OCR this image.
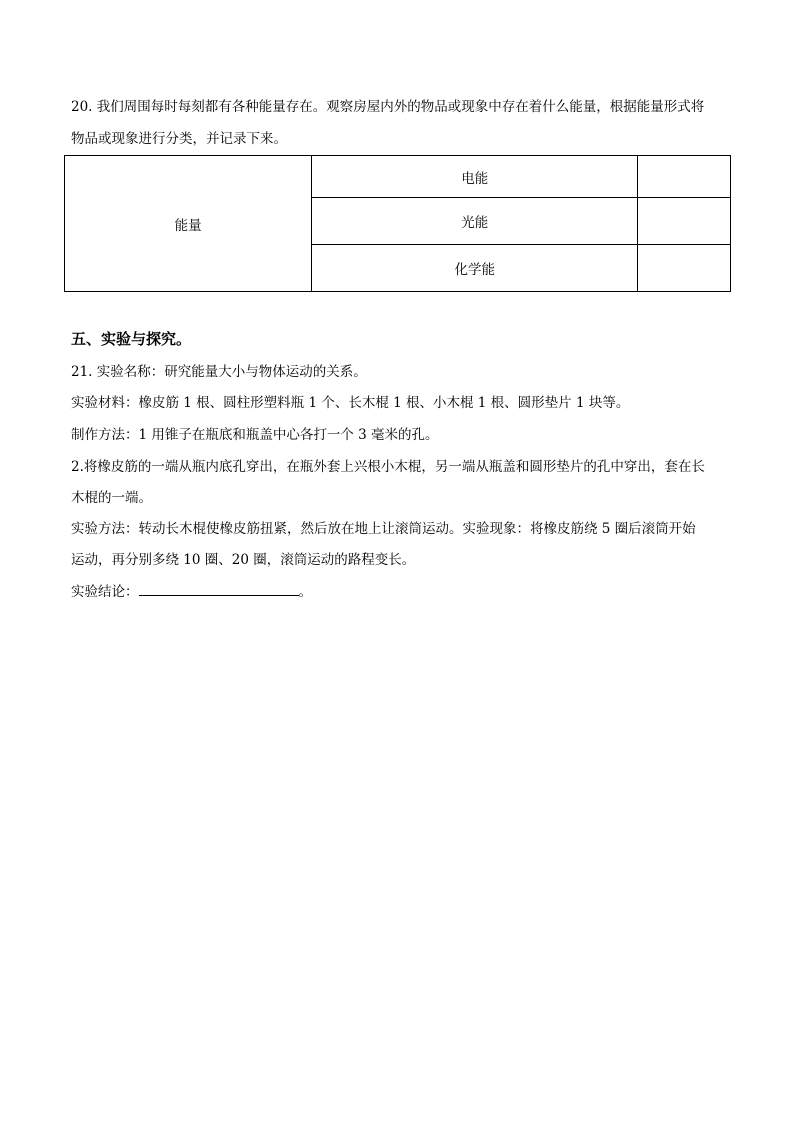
20. 我们周围每时每刻都有各种能量存在。观察房屋内外的物品或现象中存在着什么能量，根据能量形式将
物品或现象进行分类，并记录下来。
能量	电能	
	光能	
	化学能	
五、实验与探究。
21. 实验名称：研究能量大小与物体运动的关系。
实验材料：橡皮筋 1 根、圆柱形塑料瓶 1 个、长木棍 1 根、小木棍 1 根、圆形垫片 1 块等。
制作方法：1 用锥子在瓶底和瓶盖中心各打一个 3 毫米的孔。
2.将橡皮筋的一端从瓶内底孔穿出，在瓶外套上兴根小木棍，另一端从瓶盖和圆形垫片的孔中穿出，套在长
木棍的一端。
实验方法：转动长木棍使橡皮筋扭紧，然后放在地上让滚筒运动。实验现象：将橡皮筋绕 5 圈后滚筒开始
运动，再分别多绕 10 圈、20 圈，滚筒运动的路程变长。
实验结论：	。
